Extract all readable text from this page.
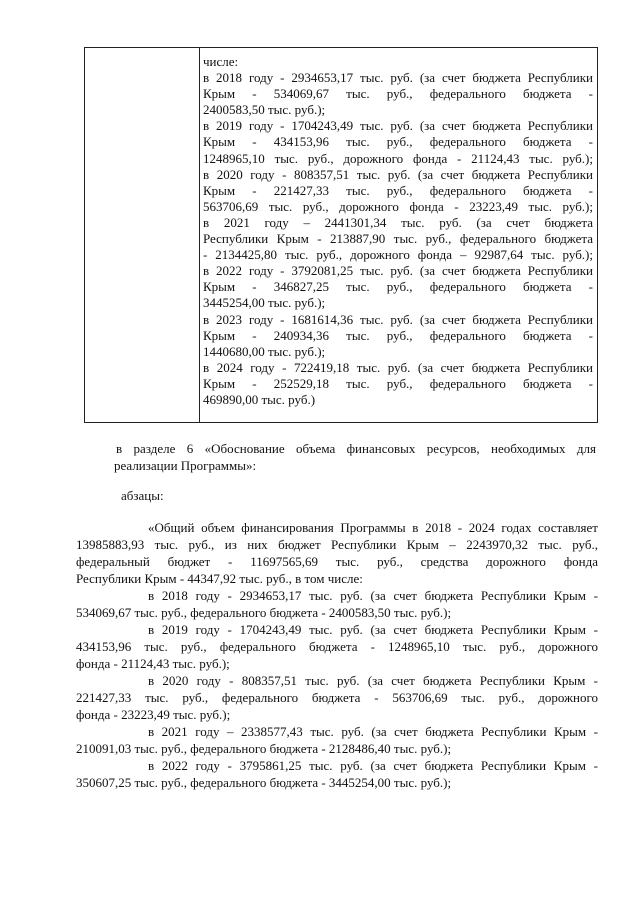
числе:
в 2018 году - 2934653,17 тыс. руб. (за счет бюджета Республики
Крым - 534069,67 тыс. руб., федерального бюджета -
2400583,50 тыс. руб.);
в 2019 году - 1704243,49 тыс. руб. (за счет бюджета Республики
Крым - 434153,96 тыс. руб., федерального бюджета -
1248965,10 тыс. руб., дорожного фонда - 21124,43 тыс. руб.);
в 2020 году - 808357,51 тыс. руб. (за счет бюджета Республики
Крым - 221427,33 тыс. руб., федерального бюджета -
563706,69 тыс. руб., дорожного фонда - 23223,49 тыс. руб.);
в 2021 году – 2441301,34 тыс. руб. (за счет бюджета
Республики Крым - 213887,90 тыс. руб., федерального бюджета
- 2134425,80 тыс. руб., дорожного фонда – 92987,64 тыс. руб.);
в 2022 году - 3792081,25 тыс. руб. (за счет бюджета Республики
Крым - 346827,25 тыс. руб., федерального бюджета -
3445254,00 тыс. руб.);
в 2023 году - 1681614,36 тыс. руб. (за счет бюджета Республики
Крым - 240934,36 тыс. руб., федерального бюджета -
1440680,00 тыс. руб.);
в 2024 году - 722419,18 тыс. руб. (за счет бюджета Республики
Крым - 252529,18 тыс. руб., федерального бюджета -
469890,00 тыс. руб.)
в разделе 6 «Обоснование объема финансовых ресурсов, необходимых для
реализации Программы»:
абзацы:
«Общий объем финансирования Программы в 2018 - 2024 годах составляет
13985883,93 тыс. руб., из них бюджет Республики Крым – 2243970,32 тыс. руб.,
федеральный бюджет - 11697565,69 тыс. руб., средства дорожного фонда
Республики Крым - 44347,92 тыс. руб., в том числе:
в 2018 году - 2934653,17 тыс. руб. (за счет бюджета Республики Крым -
534069,67 тыс. руб., федерального бюджета - 2400583,50 тыс. руб.);
в 2019 году - 1704243,49 тыс. руб. (за счет бюджета Республики Крым -
434153,96 тыс. руб., федерального бюджета - 1248965,10 тыс. руб., дорожного
фонда - 21124,43 тыс. руб.);
в 2020 году - 808357,51 тыс. руб. (за счет бюджета Республики Крым -
221427,33 тыс. руб., федерального бюджета - 563706,69 тыс. руб., дорожного
фонда - 23223,49 тыс. руб.);
в 2021 году – 2338577,43 тыс. руб. (за счет бюджета Республики Крым -
210091,03 тыс. руб., федерального бюджета - 2128486,40 тыс. руб.);
в 2022 году - 3795861,25 тыс. руб. (за счет бюджета Республики Крым -
350607,25 тыс. руб., федерального бюджета - 3445254,00 тыс. руб.);
